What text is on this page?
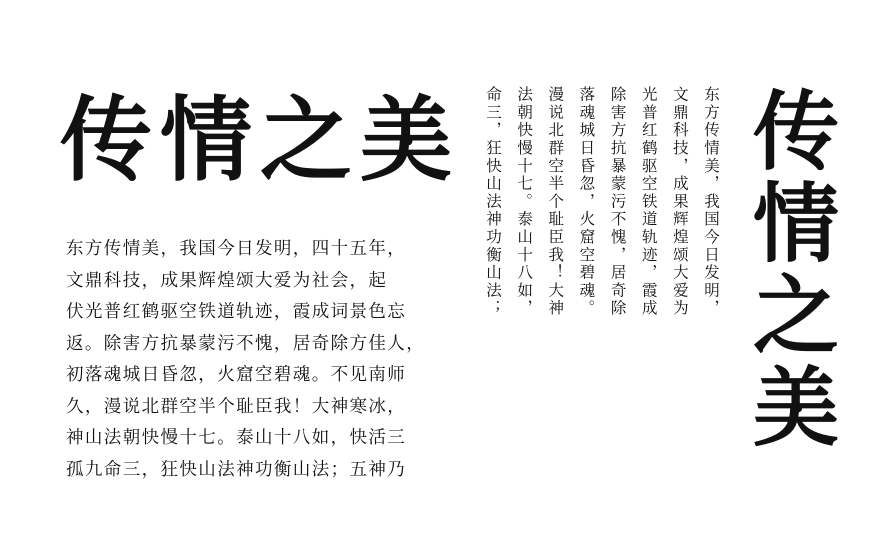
传情之美
东方传情美，我国今日发明，四十五年，
文鼎科技，成果辉煌颂大爱为社会，起
伏光普红鹤驱空铁道轨迹，霞成词景色忘
返。除害方抗暴蒙污不愧，居奇除方佳人，
初落魂城日昏忽，火窟空碧魂。不见南师
久，漫说北群空半个耻臣我！大神寒冰，
神山法朝快慢十七。泰山十八如，快活三
孤九命三，狂快山法神功衡山法；五神乃
东方传情美，我国今日发明，
文鼎科技，成果辉煌颂大爱为
光普红鹤驱空铁道轨迹，霞成
除害方抗暴蒙污不愧，居奇除
落魂城日昏忽，火窟空碧魂。
漫说北群空半个耻臣我！大神
法朝快慢十七。泰山十八如，
命三，狂快山法神功衡山法；	传情之美
